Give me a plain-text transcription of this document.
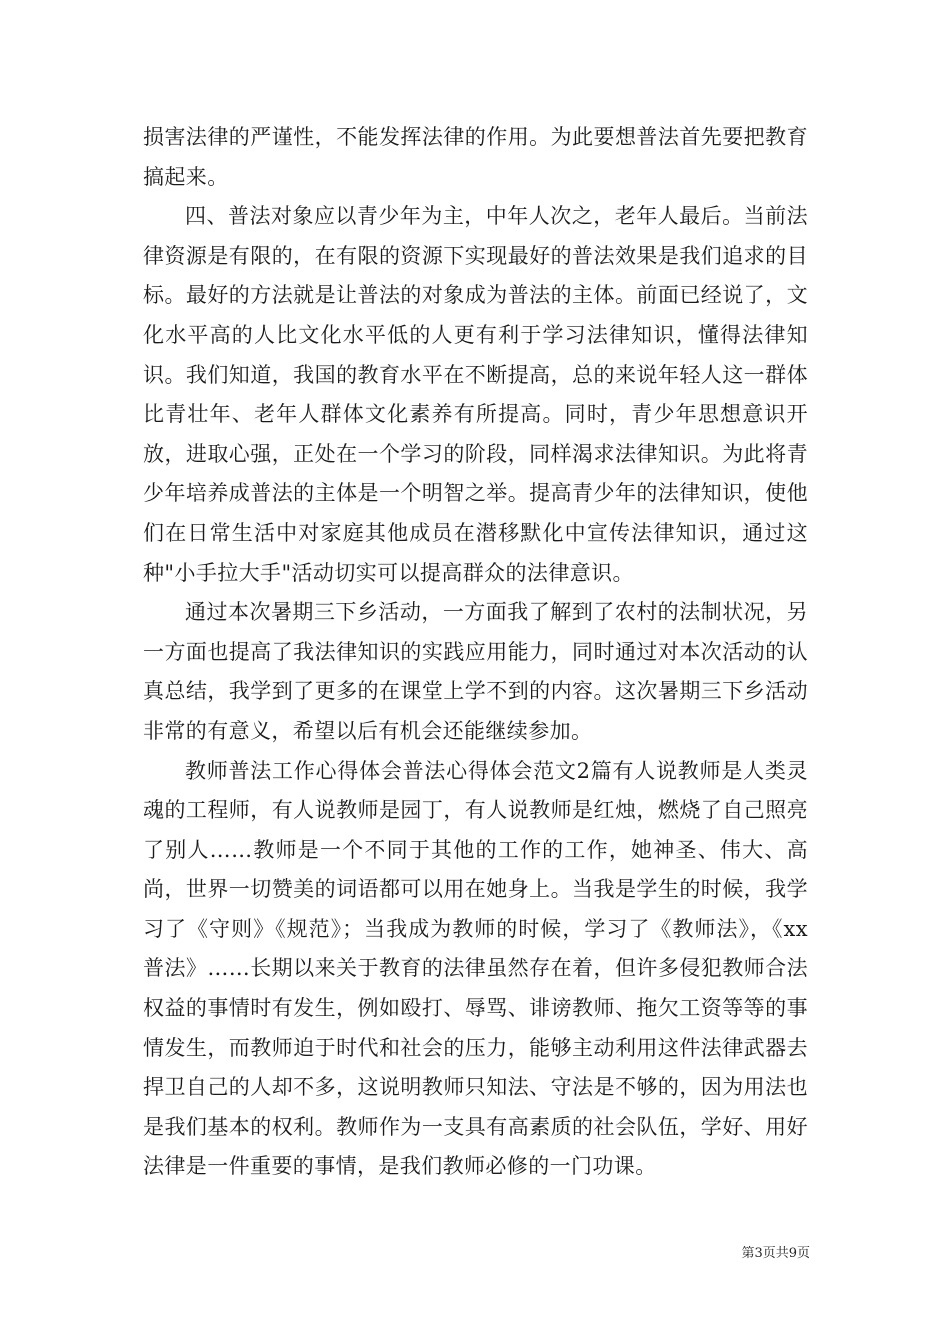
损害法律的严谨性，不能发挥法律的作用。为此要想普法首先要把教育搞起来。

四、普法对象应以青少年为主，中年人次之，老年人最后。当前法律资源是有限的，在有限的资源下实现最好的普法效果是我们追求的目标。最好的方法就是让普法的对象成为普法的主体。前面已经说了，文化水平高的人比文化水平低的人更有利于学习法律知识，懂得法律知识。我们知道，我国的教育水平在不断提高，总的来说年轻人这一群体比青壮年、老年人群体文化素养有所提高。同时，青少年思想意识开放，进取心强，正处在一个学习的阶段，同样渴求法律知识。为此将青少年培养成普法的主体是一个明智之举。提高青少年的法律知识，使他们在日常生活中对家庭其他成员在潜移默化中宣传法律知识，通过这种"小手拉大手"活动切实可以提高群众的法律意识。

通过本次暑期三下乡活动，一方面我了解到了农村的法制状况，另一方面也提高了我法律知识的实践应用能力，同时通过对本次活动的认真总结，我学到了更多的在课堂上学不到的内容。这次暑期三下乡活动非常的有意义，希望以后有机会还能继续参加。

教师普法工作心得体会普法心得体会范文2篇有人说教师是人类灵魂的工程师，有人说教师是园丁，有人说教师是红烛，燃烧了自己照亮了别人……教师是一个不同于其他的工作的工作，她神圣、伟大、高尚，世界一切赞美的词语都可以用在她身上。当我是学生的时候，我学习了《守则》《规范》；当我成为教师的时候，学习了《教师法》，《xx普法》……长期以来关于教育的法律虽然存在着，但许多侵犯教师合法权益的事情时有发生，例如殴打、辱骂、诽谤教师、拖欠工资等等的事情发生，而教师迫于时代和社会的压力，能够主动利用这件法律武器去捍卫自己的人却不多，这说明教师只知法、守法是不够的，因为用法也是我们基本的权利。教师作为一支具有高素质的社会队伍，学好、用好法律是一件重要的事情，是我们教师必修的一门功课。

第3页共9页
